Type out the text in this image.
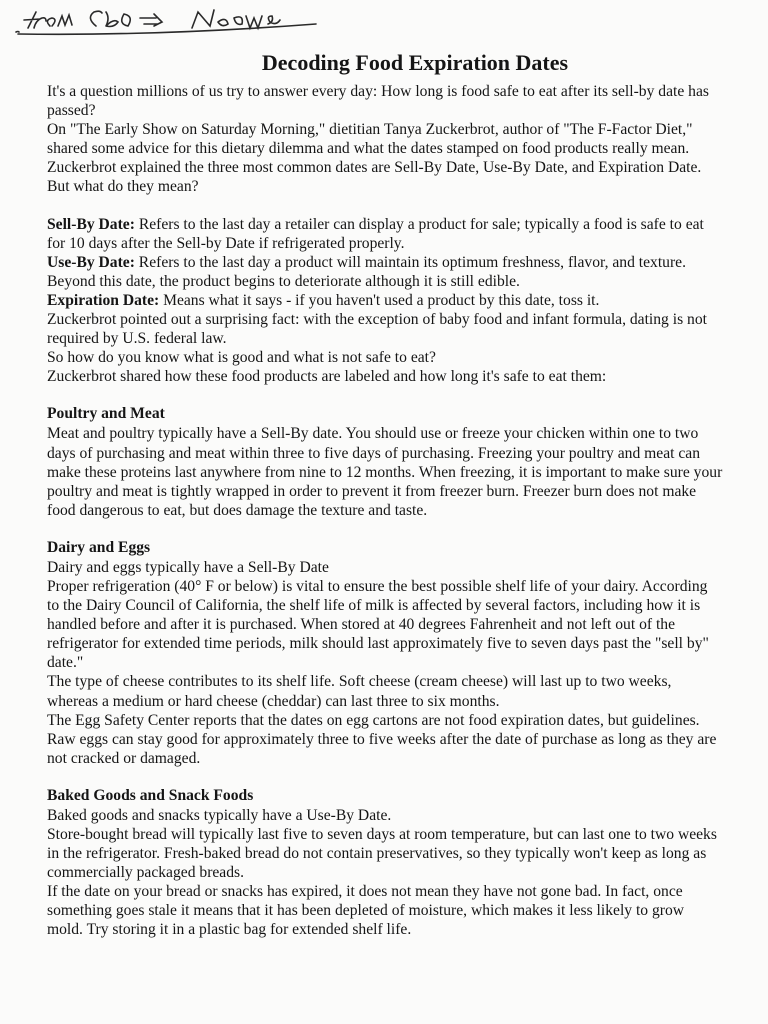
Decoding Food Expiration Dates

It's a question millions of us try to answer every day: How long is food safe to eat after its sell-by date has passed?

On "The Early Show on Saturday Morning," dietitian Tanya Zuckerbrot, author of "The F-Factor Diet," shared some advice for this dietary dilemma and what the dates stamped on food products really mean.

Zuckerbrot explained the three most common dates are Sell-By Date, Use-By Date, and Expiration Date. But what do they mean?

Sell-By Date: Refers to the last day a retailer can display a product for sale; typically a food is safe to eat for 10 days after the Sell-by Date if refrigerated properly.

Use-By Date: Refers to the last day a product will maintain its optimum freshness, flavor, and texture. Beyond this date, the product begins to deteriorate although it is still edible.

Expiration Date: Means what it says - if you haven't used a product by this date, toss it.

Zuckerbrot pointed out a surprising fact: with the exception of baby food and infant formula, dating is not required by U.S. federal law.

So how do you know what is good and what is not safe to eat?

Zuckerbrot shared how these food products are labeled and how long it's safe to eat them:

Poultry and Meat

Meat and poultry typically have a Sell-By date. You should use or freeze your chicken within one to two days of purchasing and meat within three to five days of purchasing. Freezing your poultry and meat can make these proteins last anywhere from nine to 12 months. When freezing, it is important to make sure your poultry and meat is tightly wrapped in order to prevent it from freezer burn. Freezer burn does not make food dangerous to eat, but does damage the texture and taste.

Dairy and Eggs

Dairy and eggs typically have a Sell-By Date

Proper refrigeration (40° F or below) is vital to ensure the best possible shelf life of your dairy. According to the Dairy Council of California, the shelf life of milk is affected by several factors, including how it is handled before and after it is purchased. When stored at 40 degrees Fahrenheit and not left out of the refrigerator for extended time periods, milk should last approximately five to seven days past the "sell by" date."

The type of cheese contributes to its shelf life. Soft cheese (cream cheese) will last up to two weeks, whereas a medium or hard cheese (cheddar) can last three to six months.

The Egg Safety Center reports that the dates on egg cartons are not food expiration dates, but guidelines. Raw eggs can stay good for approximately three to five weeks after the date of purchase as long as they are not cracked or damaged.

Baked Goods and Snack Foods

Baked goods and snacks typically have a Use-By Date.

Store-bought bread will typically last five to seven days at room temperature, but can last one to two weeks in the refrigerator. Fresh-baked bread do not contain preservatives, so they typically won't keep as long as commercially packaged breads.

If the date on your bread or snacks has expired, it does not mean they have not gone bad. In fact, once something goes stale it means that it has been depleted of moisture, which makes it less likely to grow mold. Try storing it in a plastic bag for extended shelf life.
